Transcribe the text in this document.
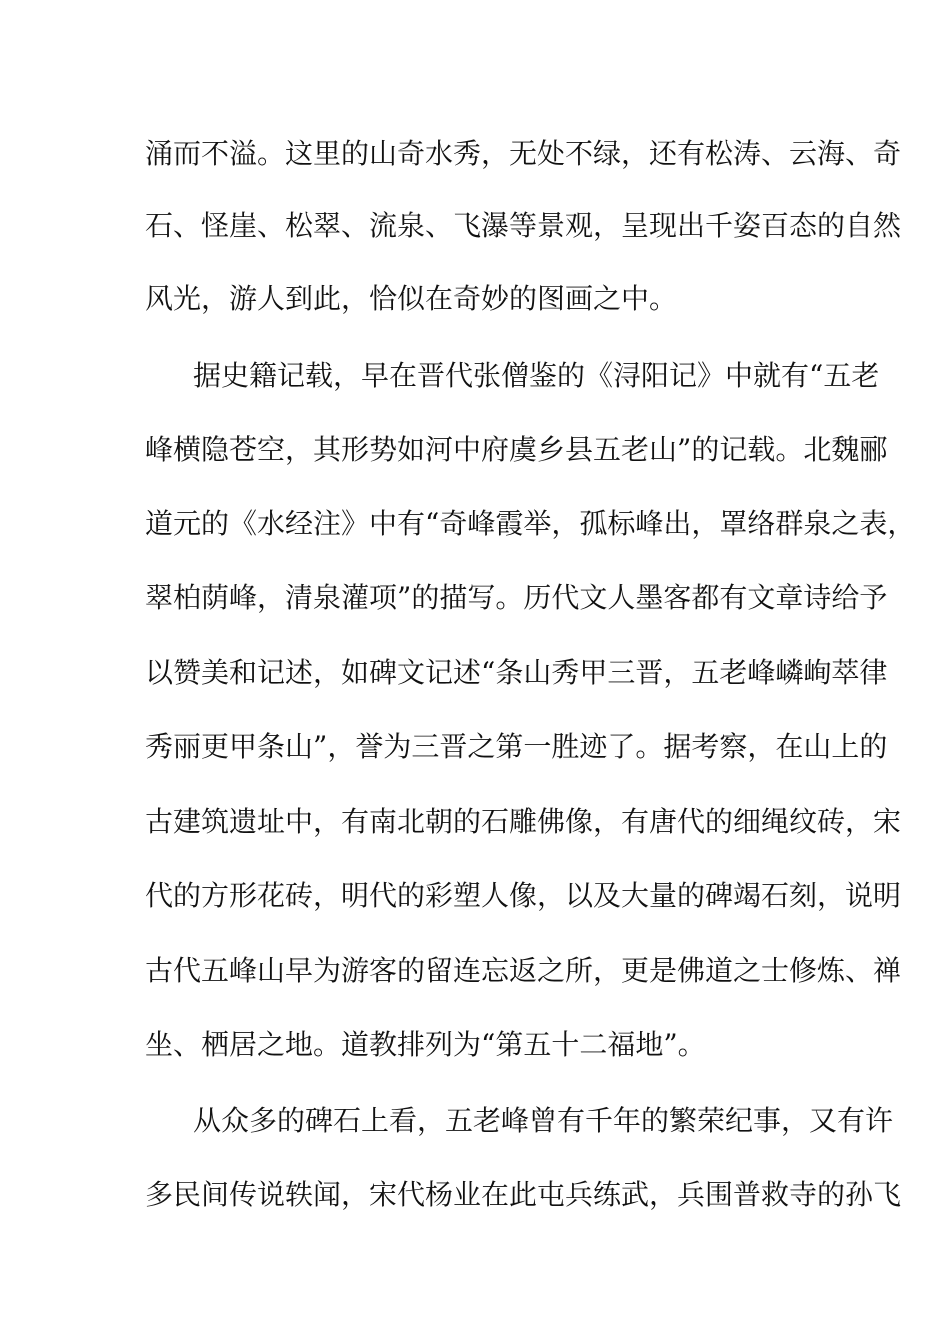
涌而不溢。这里的山奇水秀，无处不绿，还有松涛、云海、奇
石、怪崖、松翠、流泉、飞瀑等景观，呈现出千姿百态的自然
风光，游人到此，恰似在奇妙的图画之中。
据史籍记载，早在晋代张僧鉴的《浔阳记》中就有“五老
峰横隐苍空，其形势如河中府虞乡县五老山”的记载。北魏郦
道元的《水经注》中有“奇峰霞举，孤标峰出，罩络群泉之表，
翠柏荫峰，清泉灌项”的描写。历代文人墨客都有文章诗给予
以赞美和记述，如碑文记述“条山秀甲三晋，五老峰嶙峋萃律
秀丽更甲条山”，誉为三晋之第一胜迹了。据考察，在山上的
古建筑遗址中，有南北朝的石雕佛像，有唐代的细绳纹砖，宋
代的方形花砖，明代的彩塑人像，以及大量的碑竭石刻，说明
古代五峰山早为游客的留连忘返之所，更是佛道之士修炼、禅
坐、栖居之地。道教排列为“第五十二福地”。
从众多的碑石上看，五老峰曾有千年的繁荣纪事，又有许
多民间传说轶闻，宋代杨业在此屯兵练武，兵围普救寺的孙飞
